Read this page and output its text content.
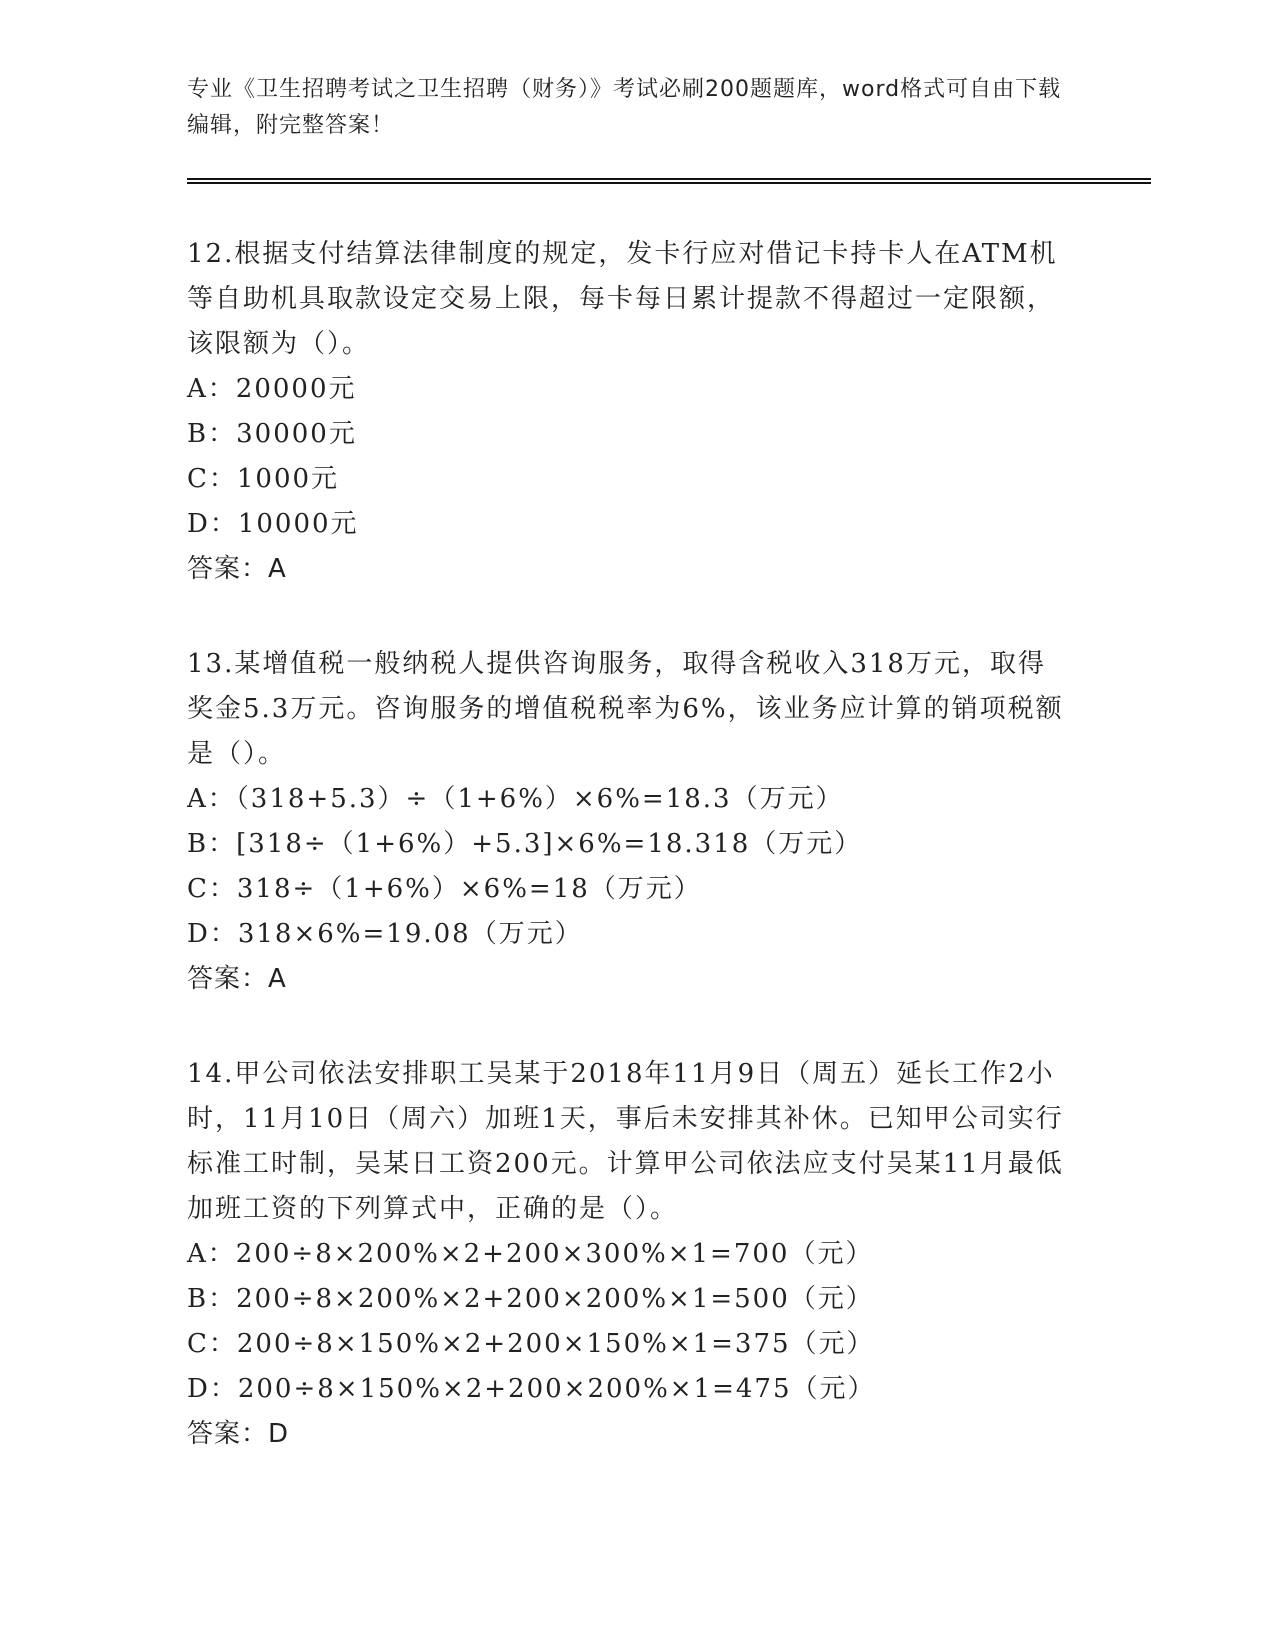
专业《卫生招聘考试之卫生招聘（财务）》考试必刷200题题库，word格式可自由下载编辑，附完整答案！
12.根据支付结算法律制度的规定，发卡行应对借记卡持卡人在ATM机等自助机具取款设定交易上限，每卡每日累计提款不得超过一定限额，该限额为（）。
A：20000元
B：30000元
C：1000元
D：10000元
答案：A
13.某增值税一般纳税人提供咨询服务，取得含税收入318万元，取得奖金5.3万元。咨询服务的增值税税率为6%，该业务应计算的销项税额是（）。
A：（318+5.3）÷（1+6%）×6%=18.3（万元）
B：[318÷（1+6%）+5.3]×6%=18.318（万元）
C：318÷（1+6%）×6%=18（万元）
D：318×6%=19.08（万元）
答案：A
14.甲公司依法安排职工吴某于2018年11月9日（周五）延长工作2小时，11月10日（周六）加班1天，事后未安排其补休。已知甲公司实行标准工时制，吴某日工资200元。计算甲公司依法应支付吴某11月最低加班工资的下列算式中，正确的是（）。
A：200÷8×200%×2+200×300%×1=700（元）
B：200÷8×200%×2+200×200%×1=500（元）
C：200÷8×150%×2+200×150%×1=375（元）
D：200÷8×150%×2+200×200%×1=475（元）
答案：D
